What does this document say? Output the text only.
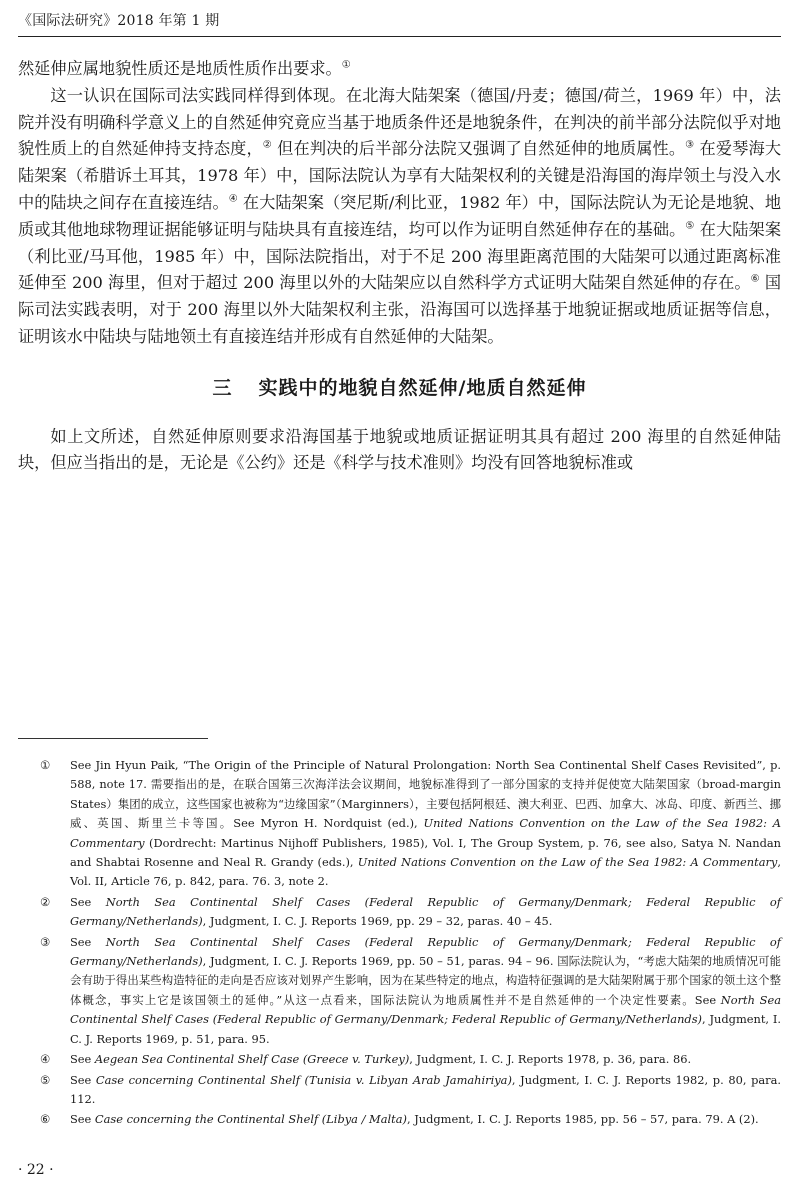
《国际法研究》2018 年第 1 期

然延伸应属地貌性质还是地质性质作出要求。①

这一认识在国际司法实践同样得到体现。在北海大陆架案（德国/丹麦；德国/荷兰，1969 年）中，法院并没有明确科学意义上的自然延伸究竟应当基于地质条件还是地貌条件，在判决的前半部分法院似乎对地貌性质上的自然延伸持支持态度，② 但在判决的后半部分法院又强调了自然延伸的地质属性。③ 在爱琴海大陆架案（希腊诉土耳其，1978 年）中，国际法院认为享有大陆架权利的关键是沿海国的海岸领土与没入水中的陆块之间存在直接连结。④ 在大陆架案（突尼斯/利比亚，1982 年）中，国际法院认为无论是地貌、地质或其他地球物理证据能够证明与陆块具有直接连结，均可以作为证明自然延伸存在的基础。⑤ 在大陆架案（利比亚/马耳他，1985 年）中，国际法院指出，对于不足 200 海里距离范围的大陆架可以通过距离标准延伸至 200 海里，但对于超过 200 海里以外的大陆架应以自然科学方式证明大陆架自然延伸的存在。⑥ 国际司法实践表明，对于 200 海里以外大陆架权利主张，沿海国可以选择基于地貌证据或地质证据等信息，证明该水中陆块与陆地领土有直接连结并形成有自然延伸的大陆架。

三 实践中的地貌自然延伸/地质自然延伸

如上文所述，自然延伸原则要求沿海国基于地貌或地质证据证明其具有超过 200 海里的自然延伸陆块，但应当指出的是，无论是《公约》还是《科学与技术准则》均没有回答地貌标准或

① See Jin Hyun Paik, “The Origin of the Principle of Natural Prolongation: North Sea Continental Shelf Cases Revisited”, p. 588, note 17. 需要指出的是，在联合国第三次海洋法会议期间，地貌标准得到了一部分国家的支持并促使宽大陆架国家（broad-margin States）集团的成立，这些国家也被称为“边缘国家”（Marginners），主要包括阿根廷、澳大利亚、巴西、加拿大、冰岛、印度、新西兰、挪威、英国、斯里兰卡等国。See Myron H. Nordquist (ed.), United Nations Convention on the Law of the Sea 1982: A Commentary (Dordrecht: Martinus Nijhoff Publishers, 1985), Vol. I, The Group System, p. 76, see also, Satya N. Nandan and Shabtai Rosenne and Neal R. Grandy (eds.), United Nations Convention on the Law of the Sea 1982: A Commentary, Vol. II, Article 76, p. 842, para. 76. 3, note 2.
② See North Sea Continental Shelf Cases (Federal Republic of Germany/Denmark; Federal Republic of Germany/Netherlands), Judgment, I. C. J. Reports 1969, pp. 29 – 32, paras. 40 – 45.
③ See North Sea Continental Shelf Cases (Federal Republic of Germany/Denmark; Federal Republic of Germany/Netherlands), Judgment, I. C. J. Reports 1969, pp. 50 – 51, paras. 94 – 96. 国际法院认为，“考虑大陆架的地质情况可能会有助于得出某些构造特征的走向是否应该对划界产生影响，因为在某些特定的地点，构造特征强调的是大陆架附属于那个国家的领土这个整体概念，事实上它是该国领土的延伸。”从这一点看来，国际法院认为地质属性并不是自然延伸的一个决定性要素。See North Sea Continental Shelf Cases (Federal Republic of Germany/Denmark; Federal Republic of Germany/Netherlands), Judgment, I. C. J. Reports 1969, p. 51, para. 95.
④ See Aegean Sea Continental Shelf Case (Greece v. Turkey), Judgment, I. C. J. Reports 1978, p. 36, para. 86.
⑤ See Case concerning Continental Shelf (Tunisia v. Libyan Arab Jamahiriya), Judgment, I. C. J. Reports 1982, p. 80, para. 112.
⑥ See Case concerning the Continental Shelf (Libya / Malta), Judgment, I. C. J. Reports 1985, pp. 56 – 57, para. 79. A (2).
· 22 ·
